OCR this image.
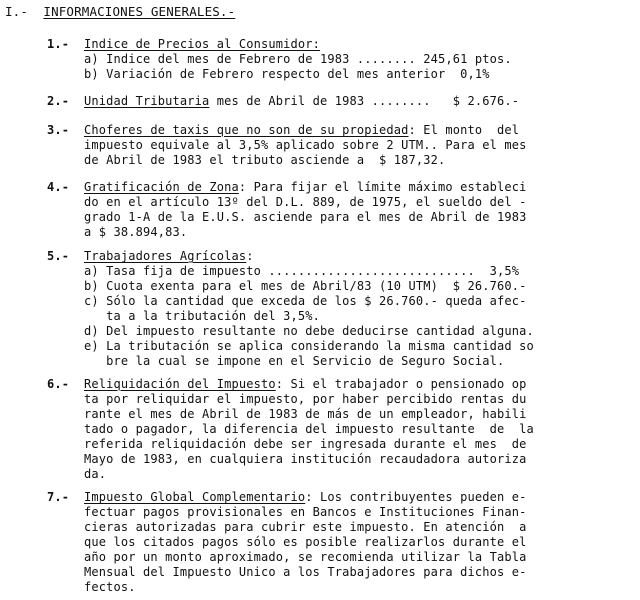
I.- INFORMACIONES GENERALES.-
1.- Indice de Precios al Consumidor:
a) Indice del mes de Febrero de 1983 ........ 245,61 ptos.
b) Variación de Febrero respecto del mes anterior  0,1%
2.- Unidad Tributaria mes de Abril de 1983 ........   $ 2.676.-
3.- Choferes de taxis que no son de su propiedad: El monto  del
impuesto equivale al 3,5% aplicado sobre 2 UTM.. Para el mes
de Abril de 1983 el tributo asciende a  $ 187,32.
4.- Gratificación de Zona: Para fijar el límite máximo estableci
do en el artículo 13º del D.L. 889, de 1975, el sueldo del -
grado 1-A de la E.U.S. asciende para el mes de Abril de 1983
a $ 38.894,83.
5.- Trabajadores Agrícolas:
a) Tasa fija de impuesto ............................  3,5%
b) Cuota exenta para el mes de Abril/83 (10 UTM)  $ 26.760.-
c) Sólo la cantidad que exceda de los $ 26.760.- queda afec-
ta a la tributación del 3,5%.
d) Del impuesto resultante no debe deducirse cantidad alguna.
e) La tributación se aplica considerando la misma cantidad so
bre la cual se impone en el Servicio de Seguro Social.
6.- Reliquidación del Impuesto: Si el trabajador o pensionado op
ta por reliquidar el impuesto, por haber percibido rentas du
rante el mes de Abril de 1983 de más de un empleador, habili
tado o pagador, la diferencia del impuesto resultante  de  la
referida reliquidación debe ser ingresada durante el mes  de
Mayo de 1983, en cualquiera institución recaudadora autoriza
da.
7.- Impuesto Global Complementario: Los contribuyentes pueden e-
fectuar pagos provisionales en Bancos e Instituciones Finan-
cieras autorizadas para cubrir este impuesto. En atención  a
que los citados pagos sólo es posible realizarlos durante el
año por un monto aproximado, se recomienda utilizar la Tabla
Mensual del Impuesto Unico a los Trabajadores para dichos e-
fectos.
